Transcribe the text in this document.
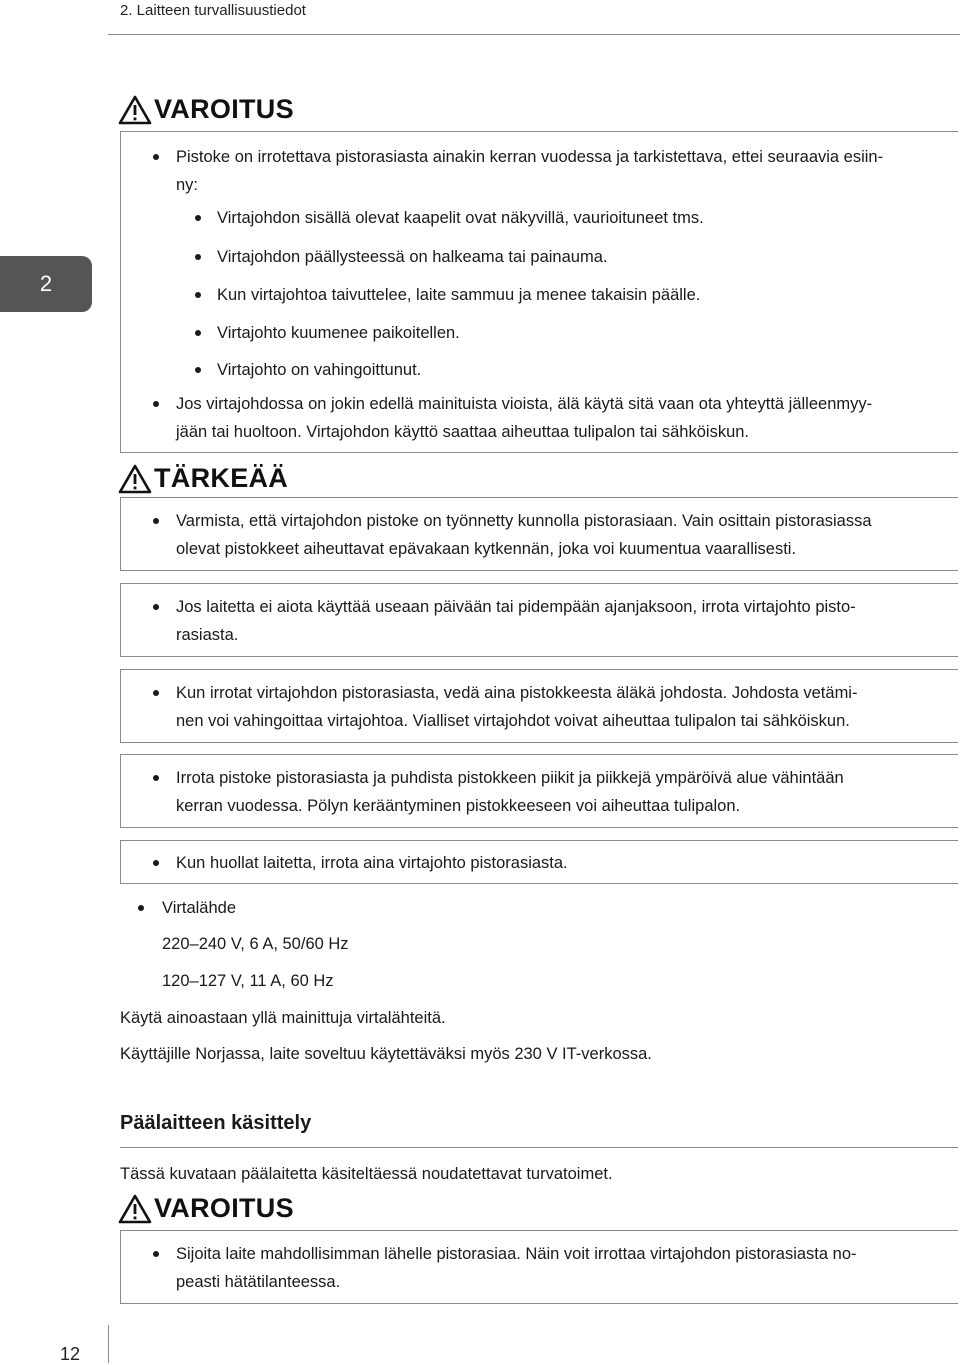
2. Laitteen turvallisuustiedot
2
VAROITUS
Pistoke on irrotettava pistorasiasta ainakin kerran vuodessa ja tarkistettava, ettei seuraavia esiin-
ny:
Virtajohdon sisällä olevat kaapelit ovat näkyvillä, vaurioituneet tms.
Virtajohdon päällysteessä on halkeama tai painauma.
Kun virtajohtoa taivuttelee, laite sammuu ja menee takaisin päälle.
Virtajohto kuumenee paikoitellen.
Virtajohto on vahingoittunut.
Jos virtajohdossa on jokin edellä mainituista vioista, älä käytä sitä vaan ota yhteyttä jälleenmyy-
jään tai huoltoon. Virtajohdon käyttö saattaa aiheuttaa tulipalon tai sähköiskun.
TÄRKEÄÄ
Varmista, että virtajohdon pistoke on työnnetty kunnolla pistorasiaan. Vain osittain pistorasiassa
olevat pistokkeet aiheuttavat epävakaan kytkennän, joka voi kuumentua vaarallisesti.
Jos laitetta ei aiota käyttää useaan päivään tai pidempään ajanjaksoon, irrota virtajohto pisto-
rasiasta.
Kun irrotat virtajohdon pistorasiasta, vedä aina pistokkeesta äläkä johdosta. Johdosta vetämi-
nen voi vahingoittaa virtajohtoa. Vialliset virtajohdot voivat aiheuttaa tulipalon tai sähköiskun.
Irrota pistoke pistorasiasta ja puhdista pistokkeen piikit ja piikkejä ympäröivä alue vähintään
kerran vuodessa. Pölyn kerääntyminen pistokkeeseen voi aiheuttaa tulipalon.
Kun huollat laitetta, irrota aina virtajohto pistorasiasta.
Virtalähde
220–240 V, 6 A, 50/60 Hz
120–127 V, 11 A, 60 Hz
Käytä ainoastaan yllä mainittuja virtalähteitä.
Käyttäjille Norjassa, laite soveltuu käytettäväksi myös 230 V IT-verkossa.
Päälaitteen käsittely
Tässä kuvataan päälaitetta käsiteltäessä noudatettavat turvatoimet.
VAROITUS
Sijoita laite mahdollisimman lähelle pistorasiaa. Näin voit irrottaa virtajohdon pistorasiasta no-
peasti hätätilanteessa.
12
